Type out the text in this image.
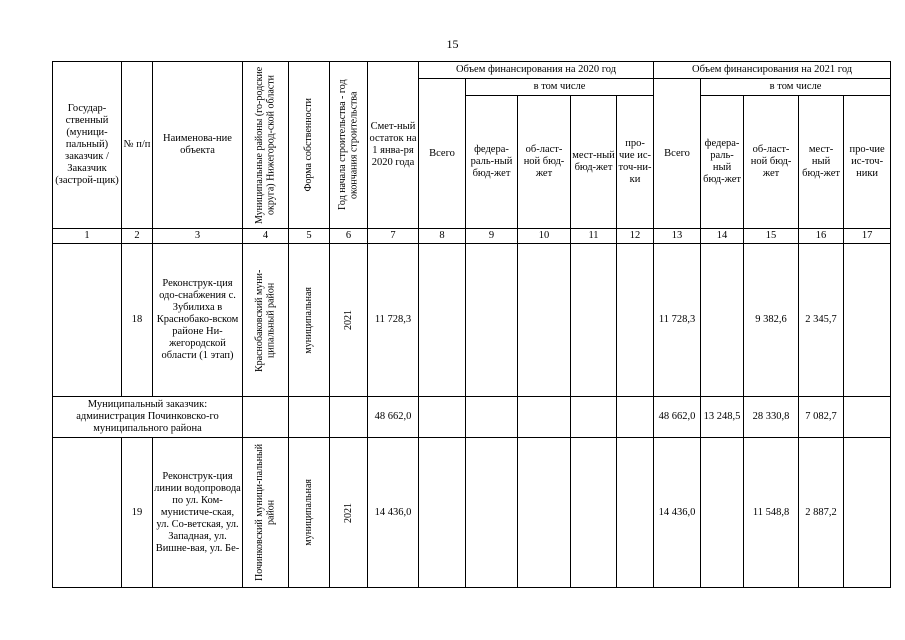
15
Государ-ственный (муници-пальный) заказчик / Заказчик (застрой-щик)	№ п/п	Наименова-ние объекта	Муниципальные районы (го-родские округа) Нижегород-ской области	Форма собственности	Год начала строительства - год окончания строительства	Смет-ный остаток на 1 янва-ря 2020 года	Объем финансирования на 2020 год					Объем финансирования на 2021 год				
							Всего	в том числе				Всего	в том числе			
								федера-раль-ный бюд-жет	об-ласт-ной бюд-жет	мест-ный бюд-жет	про-чие ис-точ-ни-ки		федера-раль-ный бюд-жет	об-ласт-ной бюд-жет	мест-ный бюд-жет	про-чие ис-точ-ники
1	2	3	4	5	6	7	8	9	10	11	12	13	14	15	16	17
	18	Реконструк-ция одо-снабжения с. Зубилиха в Краснобако-вском районе Ни-жегородской области (1 этап)	Краснобаковский муни-ципальный район	муниципальная	2021	11 728,3						11 728,3		9 382,6	2 345,7	
Муниципальный заказчик: администрация Починковско-го муниципального района						48 662,0						48 662,0	13 248,5	28 330,8	7 082,7	
	19	Реконструк-ция линии водопровода по ул. Ком-мунистиче-ская, ул. Со-ветская, ул. Западная, ул. Вишне-вая, ул. Бе-	Починковский муници-пальный район	муниципальная	2021	14 436,0						14 436,0		11 548,8	2 887,2	
